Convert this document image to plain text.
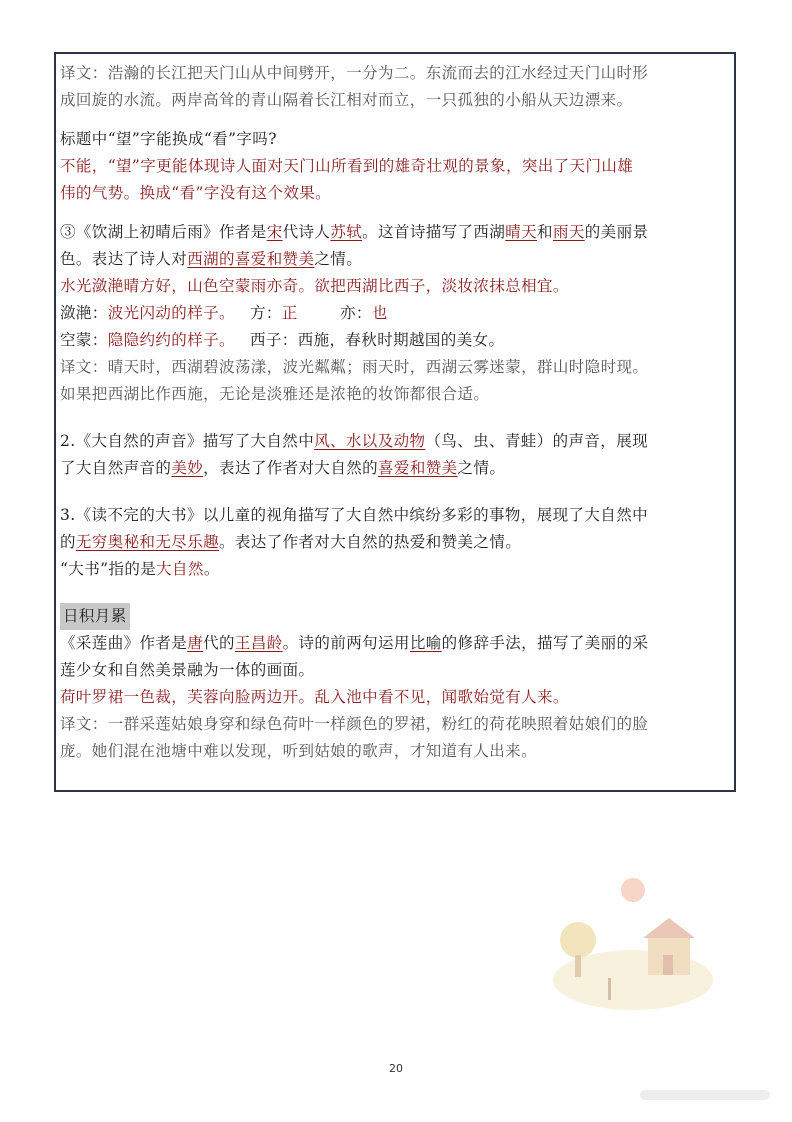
译文：浩瀚的长江把天门山从中间劈开，一分为二。东流而去的江水经过天门山时形
成回旋的水流。两岸高耸的青山隔着长江相对而立，一只孤独的小船从天边漂来。
标题中“望”字能换成“看”字吗?
不能，“望”字更能体现诗人面对天门山所看到的雄奇壮观的景象，突出了天门山雄
伟的气势。换成“看”字没有这个效果。
③《饮湖上初晴后雨》作者是宋代诗人苏轼。这首诗描写了西湖晴天和雨天的美丽景
色。表达了诗人对西湖的喜爱和赞美之情。
水光潋滟晴方好，山色空蒙雨亦奇。欲把西湖比西子，淡妆浓抹总相宜。
潋滟：波光闪动的样子。 方：正	亦：也
空蒙：隐隐约约的样子。 西子：西施，春秋时期越国的美女。
译文：晴天时，西湖碧波荡漾，波光粼粼；雨天时，西湖云雾迷蒙，群山时隐时现。
如果把西湖比作西施，无论是淡雅还是浓艳的妆饰都很合适。
2.《大自然的声音》描写了大自然中风、水以及动物（鸟、虫、青蛙）的声音，展现
了大自然声音的美妙，表达了作者对大自然的喜爱和赞美之情。
3.《读不完的大书》以儿童的视角描写了大自然中缤纷多彩的事物，展现了大自然中
的无穷奥秘和无尽乐趣。表达了作者对大自然的热爱和赞美之情。
“大书”指的是大自然。
日积月累
《采莲曲》作者是唐代的王昌龄。诗的前两句运用比喻的修辞手法，描写了美丽的采
莲少女和自然美景融为一体的画面。
荷叶罗裙一色裁，芙蓉向脸两边开。乱入池中看不见，闻歌始觉有人来。
译文：一群采莲姑娘身穿和绿色荷叶一样颜色的罗裙，粉红的荷花映照着姑娘们的脸
庞。她们混在池塘中难以发现，听到姑娘的歌声，才知道有人出来。
20
